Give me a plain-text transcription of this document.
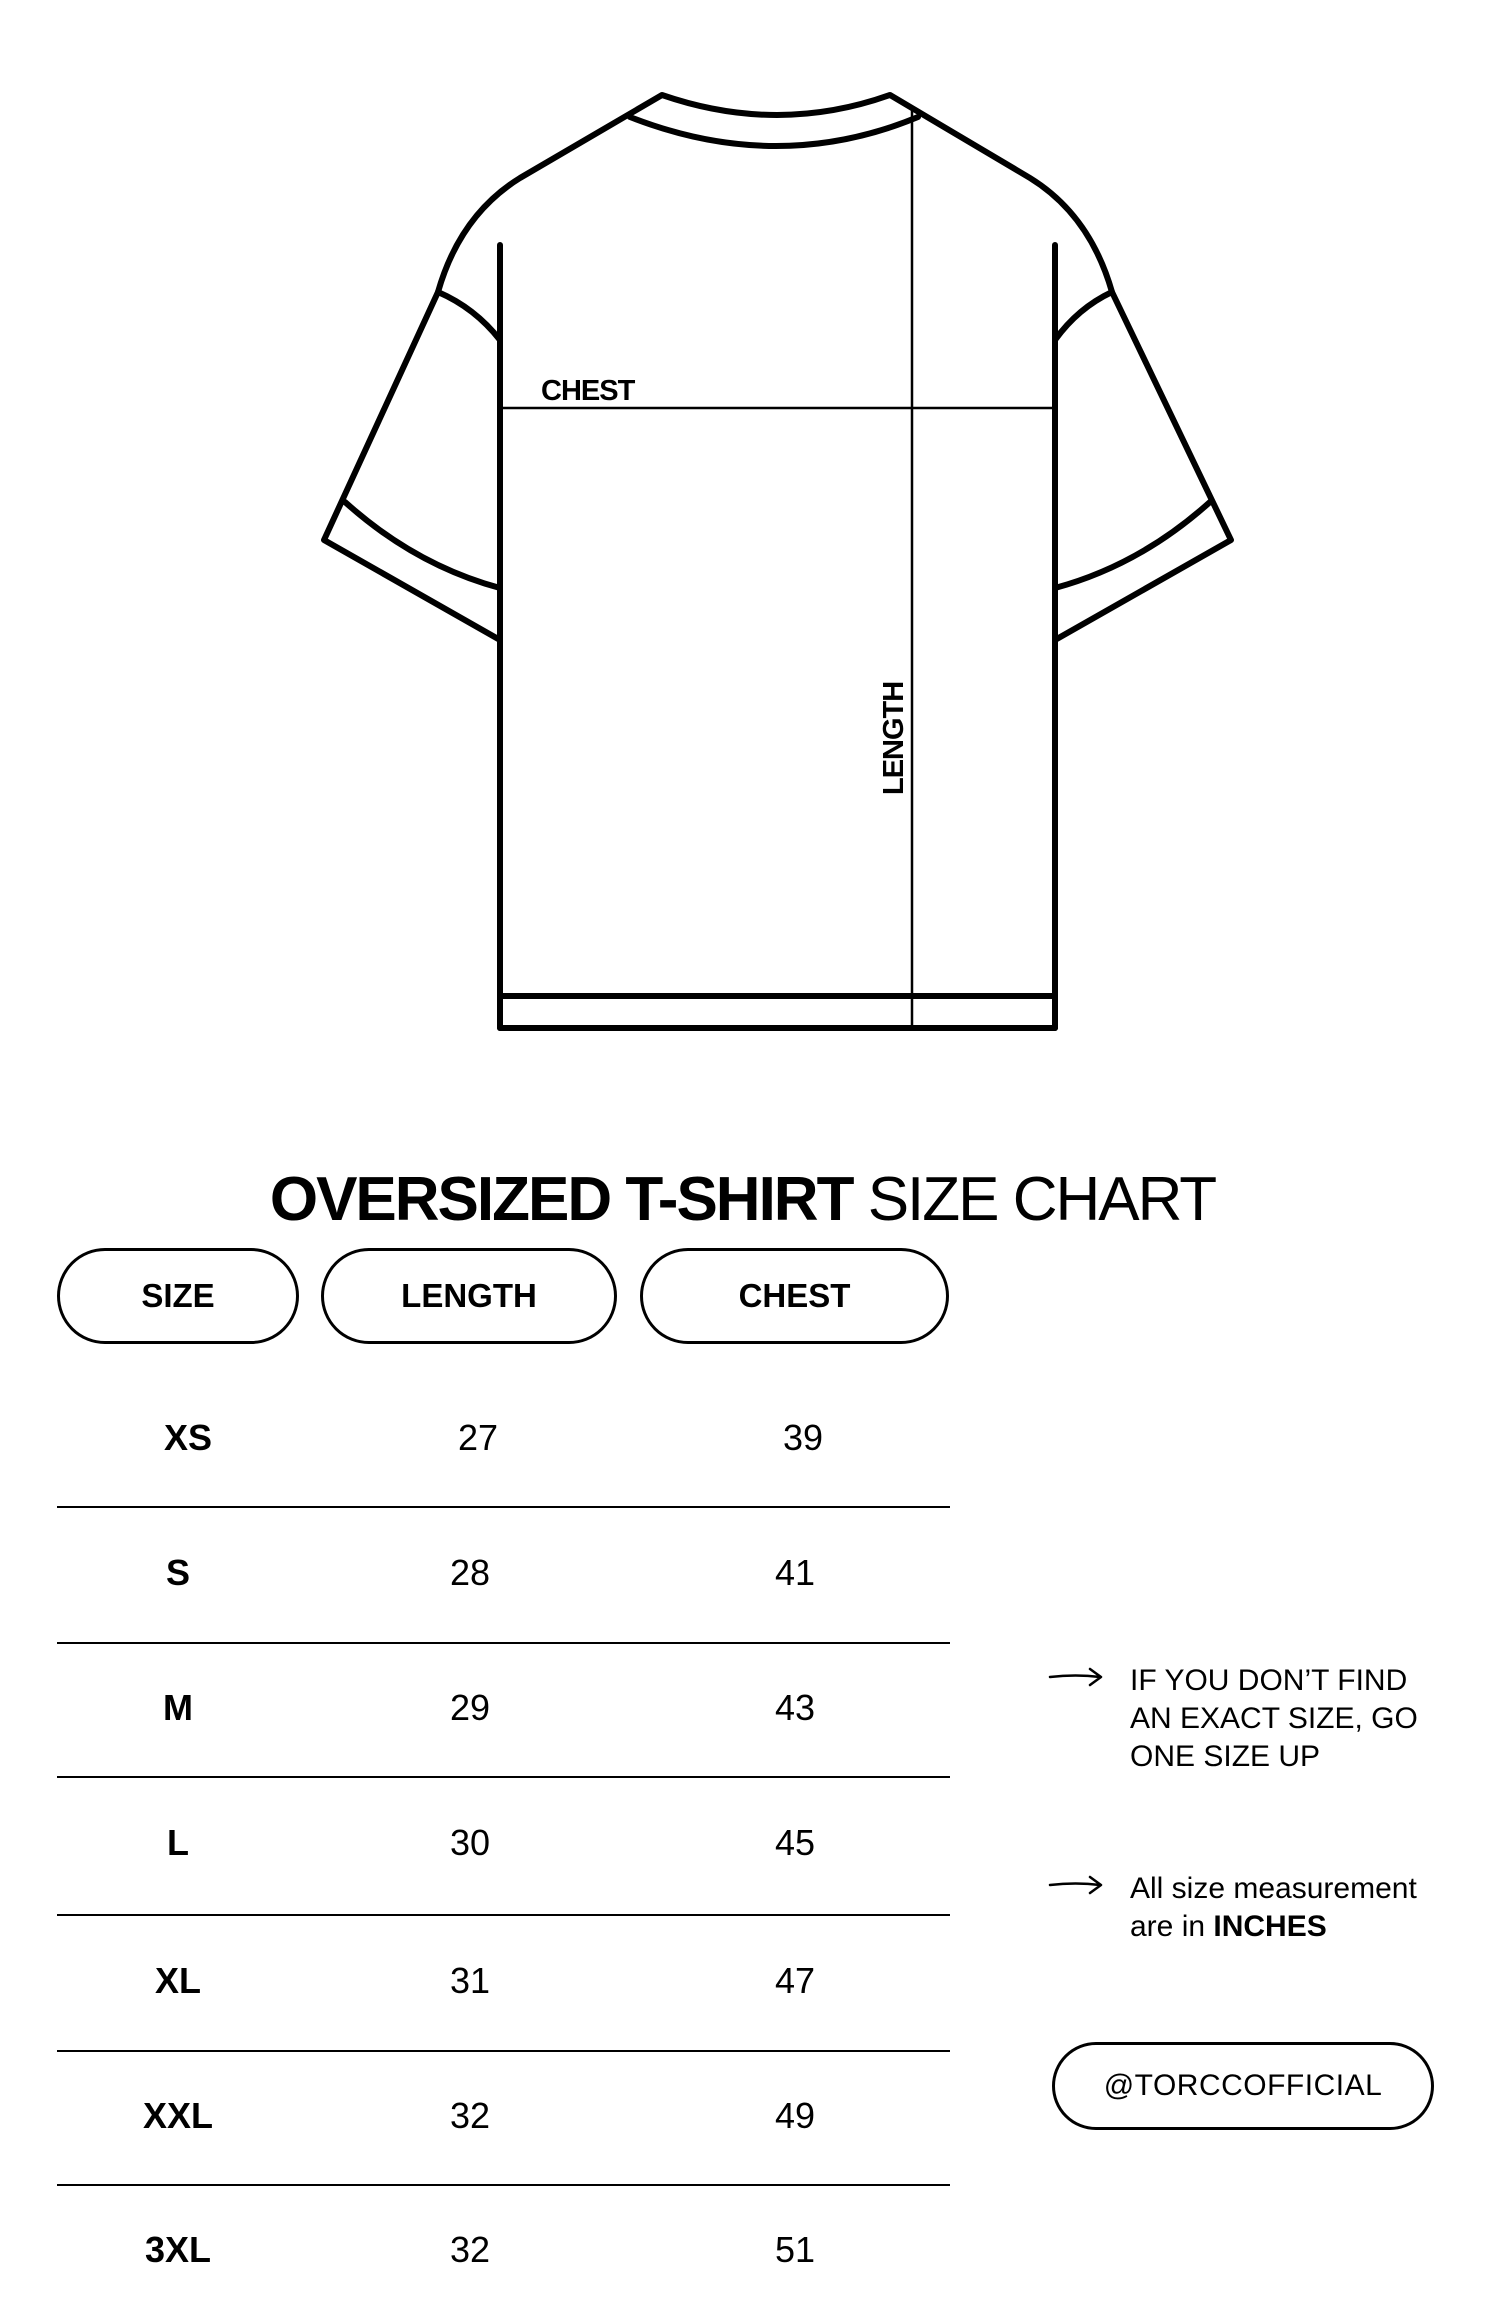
CHEST
LENGTH
OVERSIZED T-SHIRT SIZE CHART
SIZE	LENGTH	CHEST
XS	27	39
S	28	41
M	29	43
L	30	45
XL	31	47
XXL	32	49
3XL	32	51
IF YOU DON’T FIND
AN EXACT SIZE, GO
ONE SIZE UP
All size measurement
are in INCHES
@TORCCOFFICIAL
